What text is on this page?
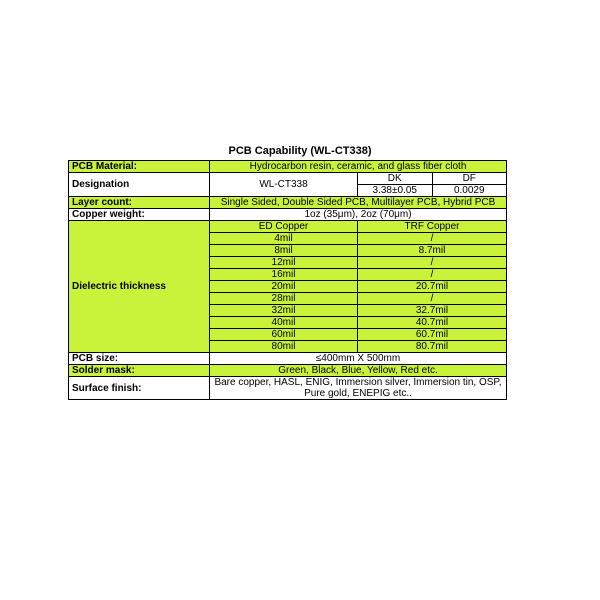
PCB Capability (WL-CT338)
PCB Material:	Hydrocarbon resin, ceramic, and glass fiber cloth
Designation	WL-CT338	
DK	DF

3.38±0.05	0.0029

Layer count:	Single Sided, Double Sided PCB, Multilayer PCB, Hybrid PCB
Copper weight:	1oz (35μm), 2oz (70μm)
Dielectric thickness	ED Copper	TRF Copper
4mil	/
8mil	8.7mil
12mil	/
16mil	/
20mil	20.7mil
28mil	/
32mil	32.7mil
40mil	40.7mil
60mil	60.7mil
80mil	80.7mil
PCB size:	≤400mm X 500mm
Solder mask:	Green, Black, Blue, Yellow, Red etc.
Surface finish:	Bare copper, HASL, ENIG, Immersion silver, Immersion tin, OSP,
Pure gold, ENEPIG etc..
